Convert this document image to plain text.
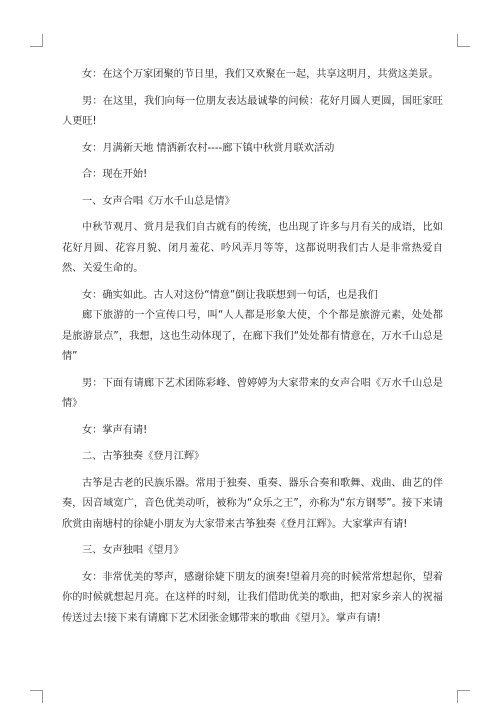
女：在这个万家团聚的节日里，我们又欢聚在一起，共享这明月，共赏这美景。

男：在这里，我们向每一位朋友表达最诚挚的问候：花好月圆人更圆，国旺家旺人更旺!

女：月满新天地 情洒新农村----廊下镇中秋赏月联欢活动

合：现在开始!

一、女声合唱《万水千山总是情》

中秋节观月、赏月是我们自古就有的传统，也出现了许多与月有关的成语，比如花好月圆、花容月貌、闭月羞花、吟风弄月等等，这都说明我们古人是非常热爱自然、关爱生命的。

女：确实如此。古人对这份“情意”倒让我联想到一句话，也是我们

廊下旅游的一个宣传口号，叫“人人都是形象大使，个个都是旅游元素，处处都是旅游景点”，我想，这也生动体现了，在廊下我们“处处都有情意在，万水千山总是情”

男：下面有请廊下艺术团陈彩峰、曾婷婷为大家带来的女声合唱《万水千山总是情》

女：掌声有请!

二、古筝独奏《登月江辉》

古筝是古老的民族乐器。常用于独奏、重奏、器乐合奏和歌舞、戏曲、曲艺的伴奏，因音域宽广，音色优美动听，被称为“众乐之王”，亦称为“东方钢琴”。接下来请欣赏由南塘村的徐婕小朋友为大家带来古筝独奏《登月江辉》。大家掌声有请!

三、女声独唱《望月》

女：非常优美的琴声，感谢徐婕下朋友的演奏!望着月亮的时候常常想起你，望着你的时候就想起月亮。在这样的时刻，让我们借助优美的歌曲，把对家乡亲人的祝福传送过去!接下来有请廊下艺术团张金娜带来的歌曲《望月》。掌声有请!
